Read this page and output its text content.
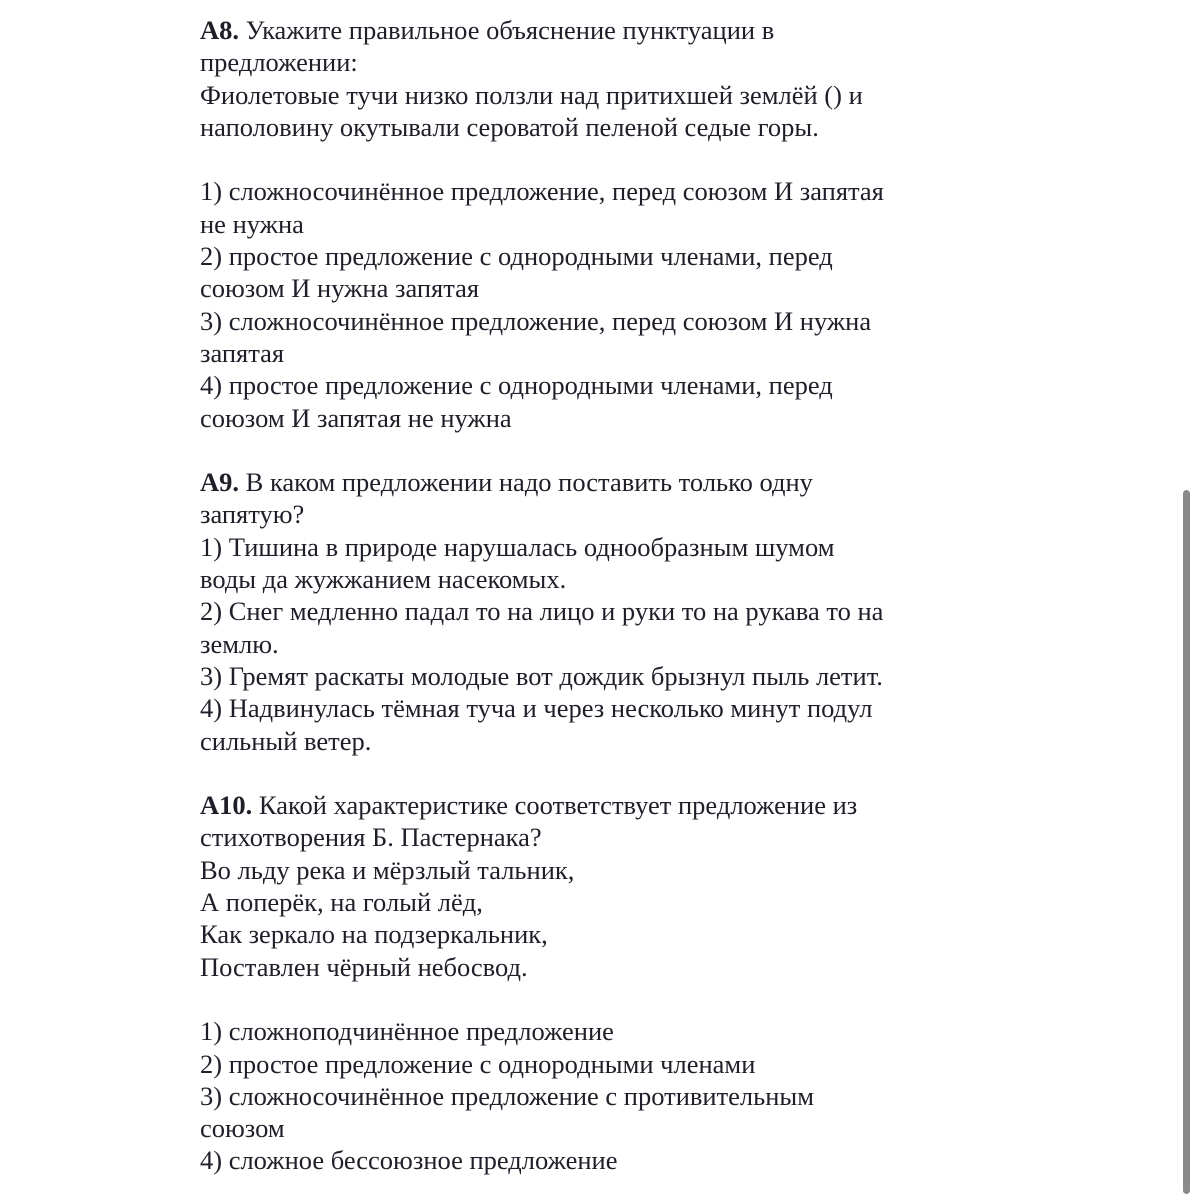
А8. Укажите правильное объяснение пунктуации в
предложении:
Фиолетовые тучи низко ползли над притихшей землёй () и
наполовину окутывали сероватой пеленой седые горы.
1) сложносочинённое предложение, перед союзом И запятая
не нужна
2) простое предложение с однородными членами, перед
союзом И нужна запятая
3) сложносочинённое предложение, перед союзом И нужна
запятая
4) простое предложение с однородными членами, перед
союзом И запятая не нужна
А9. В каком предложении надо поставить только одну
запятую?
1) Тишина в природе нарушалась однообразным шумом
воды да жужжанием насекомых.
2) Снег медленно падал то на лицо и руки то на рукава то на
землю.
3) Гремят раскаты молодые вот дождик брызнул пыль летит.
4) Надвинулась тёмная туча и через несколько минут подул
сильный ветер.
А10. Какой характеристике соответствует предложение из
стихотворения Б. Пастернака?
Во льду река и мёрзлый тальник,
А поперёк, на голый лёд,
Как зеркало на подзеркальник,
Поставлен чёрный небосвод.
1) сложноподчинённое предложение
2) простое предложение с однородными членами
3) сложносочинённое предложение с противительным
союзом
4) сложное бессоюзное предложение
